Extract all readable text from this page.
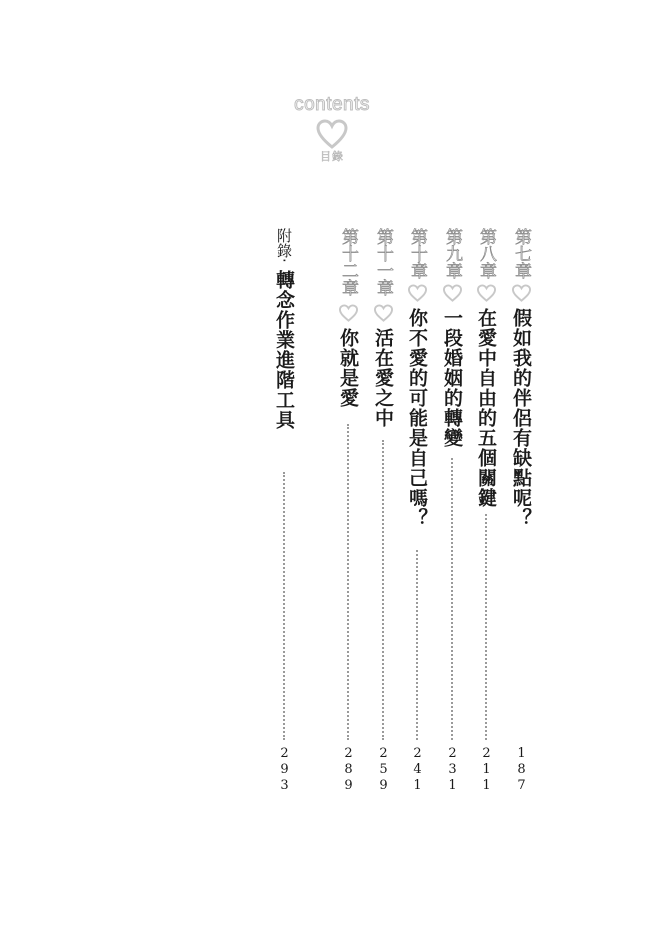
contents
目錄
第七章
假如我的伴侶有缺點呢？
187
第八章
在愛中自由的五個關鍵
211
第九章
一段婚姻的轉變
231
第十章
你不愛的可能是自己嗎？
241
第十一章
活在愛之中
259
第十二章
你就是愛
289
附錄·
轉念作業進階工具
293
